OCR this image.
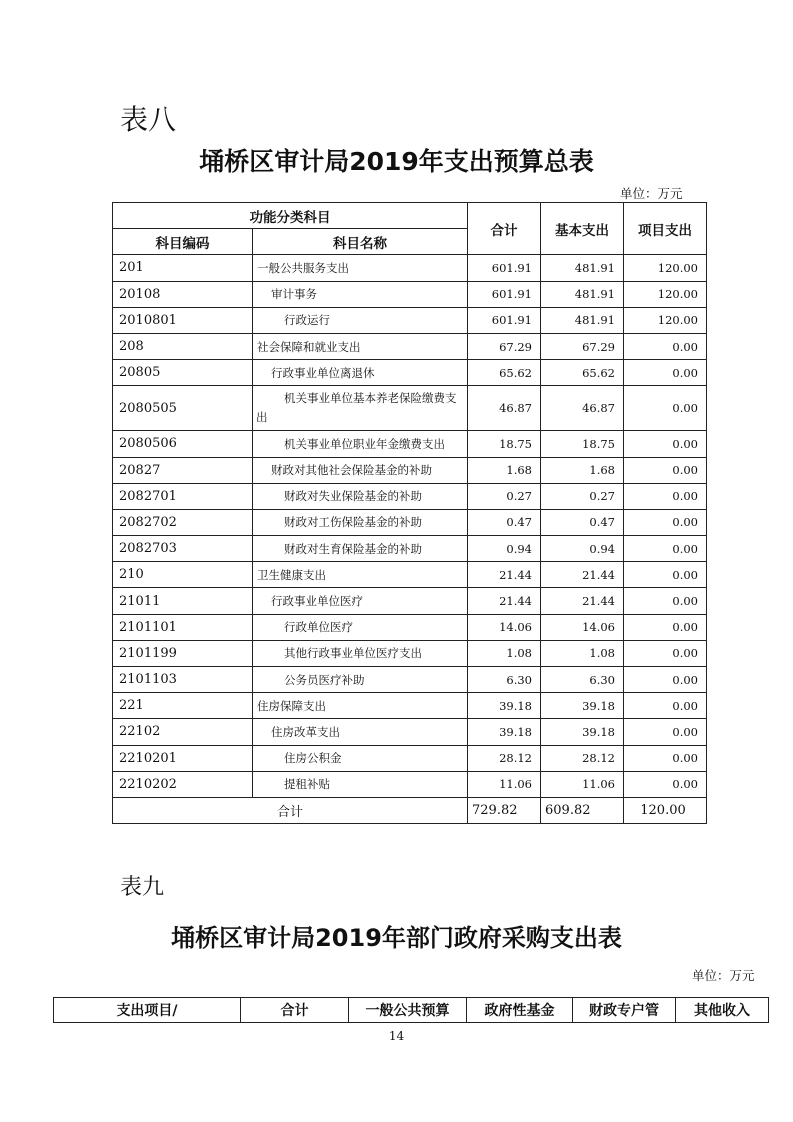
表八
埇桥区审计局2019年支出预算总表
单位：万元
功能分类科目		合计	基本支出	项目支出
科目编码	科目名称			
201	一般公共服务支出	601.91	481.91	120.00
20108	审计事务	601.91	481.91	120.00
2010801	行政运行	601.91	481.91	120.00
208	社会保障和就业支出	67.29	67.29	0.00
20805	行政事业单位离退休	65.62	65.62	0.00
2080505	机关事业单位基本养老保险缴费支出	46.87	46.87	0.00
2080506	机关事业单位职业年金缴费支出	18.75	18.75	0.00
20827	财政对其他社会保险基金的补助	1.68	1.68	0.00
2082701	财政对失业保险基金的补助	0.27	0.27	0.00
2082702	财政对工伤保险基金的补助	0.47	0.47	0.00
2082703	财政对生育保险基金的补助	0.94	0.94	0.00
210	卫生健康支出	21.44	21.44	0.00
21011	行政事业单位医疗	21.44	21.44	0.00
2101101	行政单位医疗	14.06	14.06	0.00
2101199	其他行政事业单位医疗支出	1.08	1.08	0.00
2101103	公务员医疗补助	6.30	6.30	0.00
221	住房保障支出	39.18	39.18	0.00
22102	住房改革支出	39.18	39.18	0.00
2210201	住房公积金	28.12	28.12	0.00
2210202	提租补贴	11.06	11.06	0.00
合计		729.82	609.82	120.00
表九
埇桥区审计局2019年部门政府采购支出表
单位：万元
支出项目/	合计	一般公共预算	政府性基金	财政专户管	其他收入
14
